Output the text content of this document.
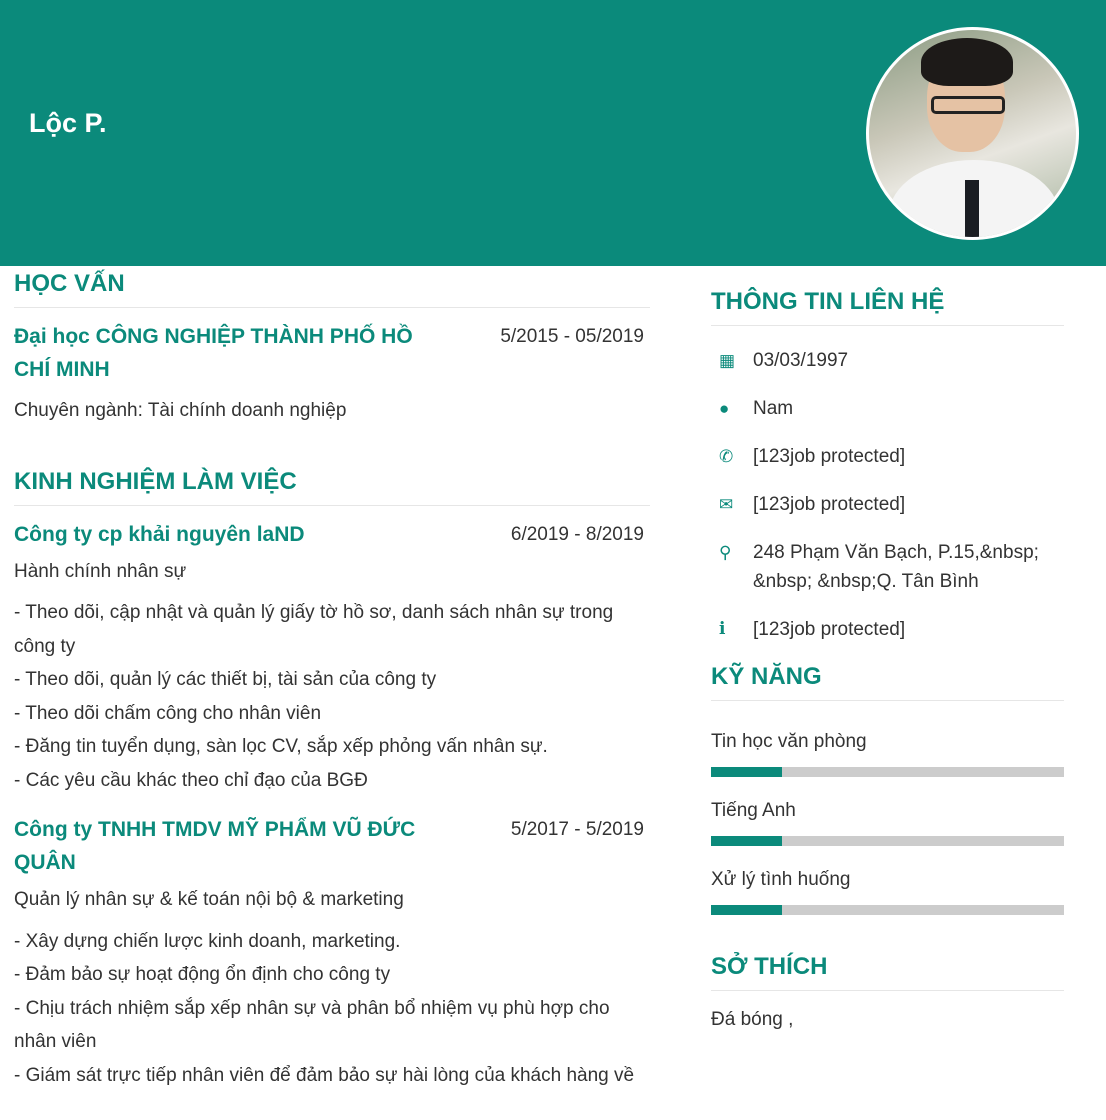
Lộc P.
HỌC VẤN
Đại học CÔNG NGHIỆP THÀNH PHỐ HỒ CHÍ MINH
5/2015 - 05/2019

Chuyên ngành: Tài chính doanh nghiệp

KINH NGHIỆM LÀM VIỆC
Công ty cp khải nguyên laND	6/2019 - 8/2019

Hành chính nhân sự

- Theo dõi, cập nhật và quản lý giấy tờ hồ sơ, danh sách nhân sự trong công ty

- Theo dõi, quản lý các thiết bị, tài sản của công ty

- Theo dõi chấm công cho nhân viên

- Đăng tin tuyển dụng, sàn lọc CV, sắp xếp phỏng vấn nhân sự.

- Các yêu cầu khác theo chỉ đạo của BGĐ

Công ty TNHH TMDV MỸ PHẨM VŨ ĐỨC QUÂN
5/2017 - 5/2019

Quản lý nhân sự & kế toán nội bộ & marketing

- Xây dựng chiến lược kinh doanh, marketing.

- Đảm bảo sự hoạt động ổn định cho công ty

- Chịu trách nhiệm sắp xếp nhân sự và phân bổ nhiệm vụ phù hợp cho nhân viên

- Giám sát trực tiếp nhân viên để đảm bảo sự hài lòng của khách hàng về

THÔNG TIN LIÊN HỆ
▦ 03/03/1997
●	Nam
✆	[123job protected]
✉	[123job protected]
⚲	248 Phạm Văn Bạch, P.15,&nbsp; &nbsp; &nbsp;Q. Tân Bình
i	[123job protected]
KỸ NĂNG
Tin học văn phòng
Tiếng Anh
Xử lý tình huống
SỞ THÍCH

Đá bóng ,
